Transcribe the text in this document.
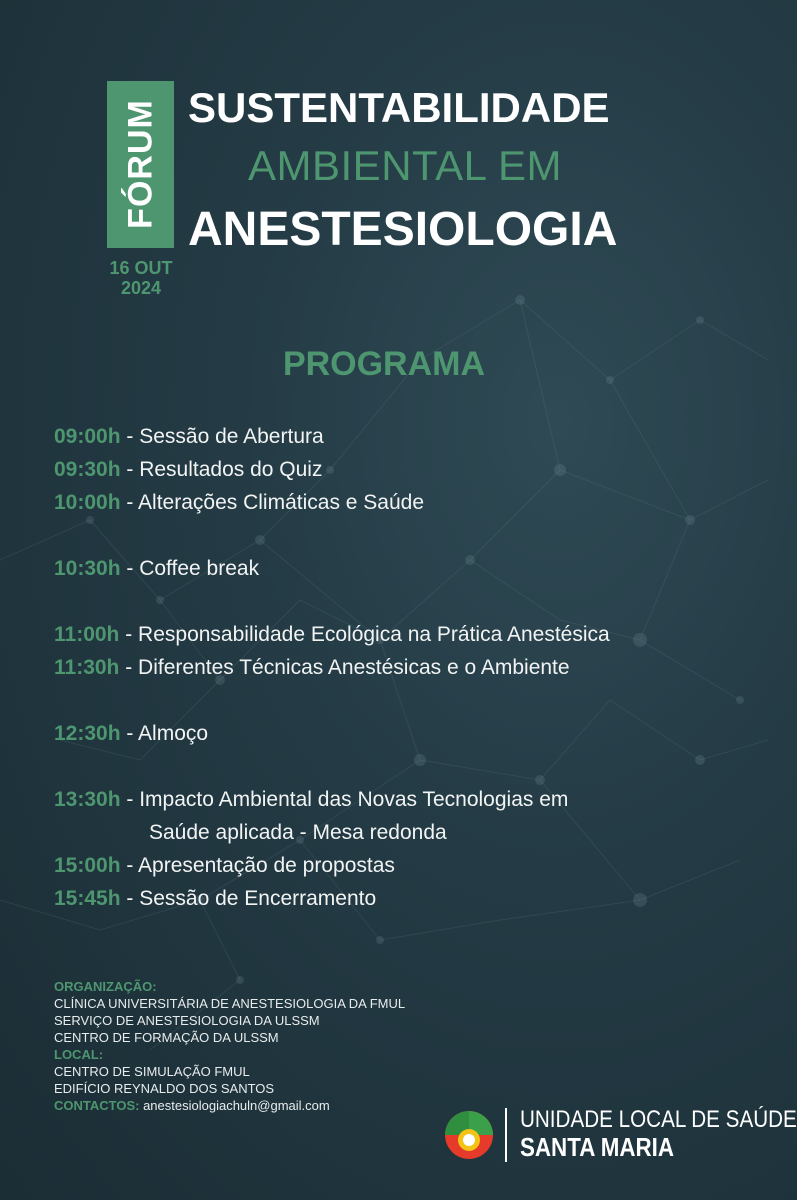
FÓRUM
16 OUT
2024
SUSTENTABILIDADE
AMBIENTAL EM
ANESTESIOLOGIA
PROGRAMA
09:00h - Sessão de Abertura
09:30h - Resultados do Quiz
10:00h - Alterações Climáticas e Saúde
10:30h - Coffee break
11:00h - Responsabilidade Ecológica na Prática Anestésica
11:30h - Diferentes Técnicas Anestésicas e o Ambiente
12:30h - Almoço
13:30h - Impacto Ambiental das Novas Tecnologias em
Saúde aplicada - Mesa redonda
15:00h - Apresentação de propostas
15:45h - Sessão de Encerramento
ORGANIZAÇÃO:
CLÍNICA UNIVERSITÁRIA DE ANESTESIOLOGIA DA FMUL
SERVIÇO DE ANESTESIOLOGIA DA ULSSM
CENTRO DE FORMAÇÃO DA ULSSM
LOCAL:
CENTRO DE SIMULAÇÃO FMUL
EDIFÍCIO REYNALDO DOS SANTOS
CONTACTOS: anestesiologiachuln@gmail.com
UNIDADE LOCAL DE SAÚDE
SANTA MARIA
